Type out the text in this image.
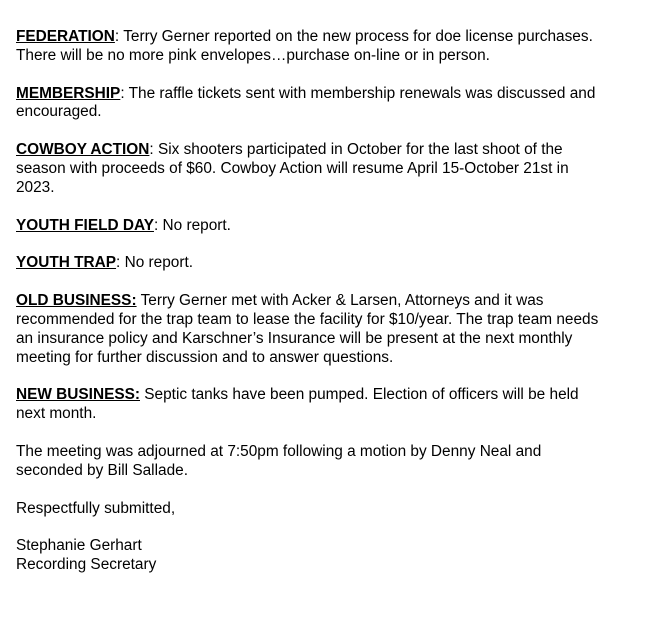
FEDERATION: Terry Gerner reported on the new process for doe license purchases.
There will be no more pink envelopes…purchase on-line or in person.
MEMBERSHIP: The raffle tickets sent with membership renewals was discussed and
encouraged.
COWBOY ACTION: Six shooters participated in October for the last shoot of the
season with proceeds of $60. Cowboy Action will resume April 15-October 21st in
2023.
YOUTH FIELD DAY: No report.
YOUTH TRAP: No report.
OLD BUSINESS: Terry Gerner met with Acker & Larsen, Attorneys and it was
recommended for the trap team to lease the facility for $10/year. The trap team needs
an insurance policy and Karschner’s Insurance will be present at the next monthly
meeting for further discussion and to answer questions.
NEW BUSINESS: Septic tanks have been pumped. Election of officers will be held
next month.
The meeting was adjourned at 7:50pm following a motion by Denny Neal and
seconded by Bill Sallade.
Respectfully submitted,
Stephanie Gerhart
Recording Secretary
